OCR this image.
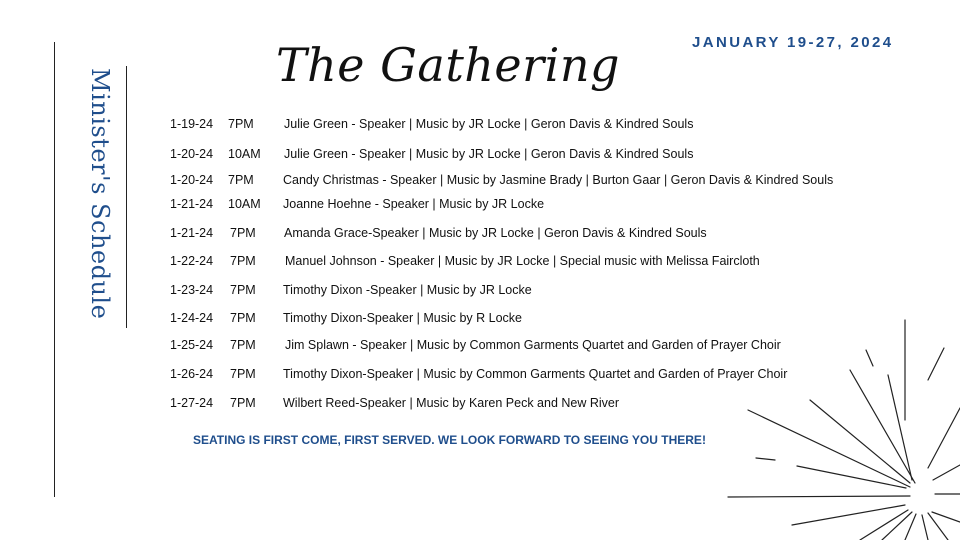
Minister's Schedule
The Gathering	JANUARY 19-27, 2024
1-19-24 7PM Julie Green - Speaker | Music by JR Locke | Geron Davis & Kindred Souls
1-20-24 10AM Julie Green - Speaker | Music by JR Locke | Geron Davis & Kindred Souls
1-20-24 7PM Candy Christmas - Speaker | Music by Jasmine Brady | Burton Gaar | Geron Davis & Kindred Souls
1-21-24 10AM Joanne Hoehne - Speaker | Music by JR Locke
1-21-24 7PM Amanda Grace-Speaker | Music by JR Locke | Geron Davis & Kindred Souls
1-22-24 7PM Manuel Johnson - Speaker | Music by JR Locke | Special music with Melissa Faircloth
1-23-24 7PM Timothy Dixon -Speaker | Music by JR Locke
1-24-24 7PM Timothy Dixon-Speaker | Music by R Locke
1-25-24 7PM Jim Splawn - Speaker | Music by Common Garments Quartet and Garden of Prayer Choir
1-26-24 7PM Timothy Dixon-Speaker | Music by Common Garments Quartet and Garden of Prayer Choir
1-27-24 7PM Wilbert Reed-Speaker | Music by Karen Peck and New River
SEATING IS FIRST COME, FIRST SERVED. WE LOOK FORWARD TO SEEING YOU THERE!
